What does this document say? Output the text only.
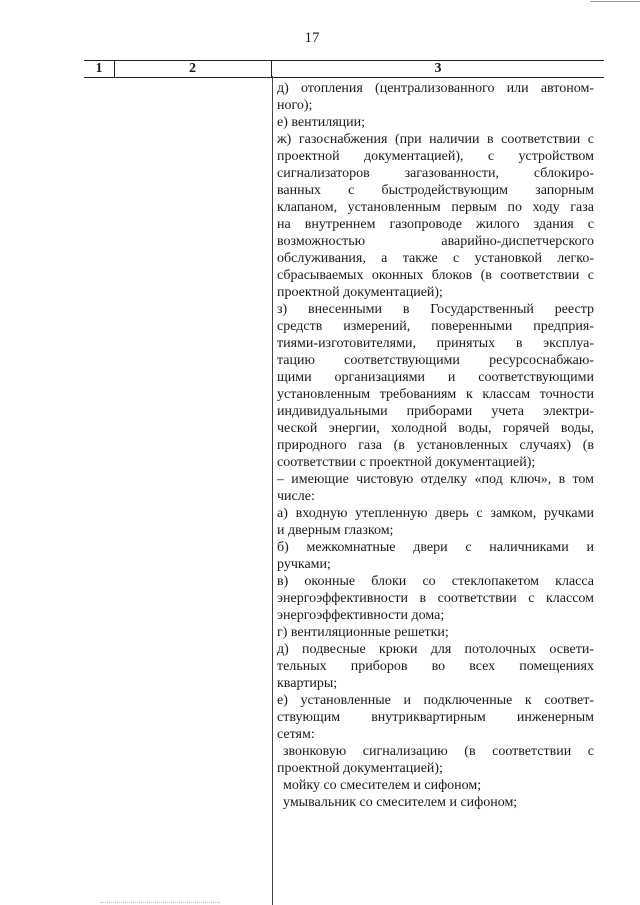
17
1	2	3
д) отопления (централизованного или автоном-
ного);
е) вентиляции;
ж) газоснабжения (при наличии в соответствии с
проектной документацией), с устройством
сигнализаторов загазованности, сблокиро-
ванных с быстродействующим запорным
клапаном, установленным первым по ходу газа
на внутреннем газопроводе жилого здания с
возможностью аварийно-диспетчерского
обслуживания, а также с установкой легко-
сбрасываемых оконных блоков (в соответствии с
проектной документацией);
з) внесенными в Государственный реестр
средств измерений, поверенными предприя-
тиями-изготовителями, принятых в эксплуа-
тацию соответствующими ресурсоснабжаю-
щими организациями и соответствующими
установленным требованиям к классам точности
индивидуальными приборами учета электри-
ческой энергии, холодной воды, горячей воды,
природного газа (в установленных случаях) (в
соответствии с проектной документацией);
– имеющие чистовую отделку «под ключ», в том
числе:
а) входную утепленную дверь с замком, ручками
и дверным глазком;
б) межкомнатные двери с наличниками и
ручками;
в) оконные блоки со стеклопакетом класса
энергоэффективности в соответствии с классом
энергоэффективности дома;
г) вентиляционные решетки;
д) подвесные крюки для потолочных освети-
тельных приборов во всех помещениях
квартиры;
е) установленные и подключенные к соответ-
ствующим внутриквартирным инженерным
сетям:
звонковую сигнализацию (в соответствии с
проектной документацией);
мойку со смесителем и сифоном;
умывальник со смесителем и сифоном;
